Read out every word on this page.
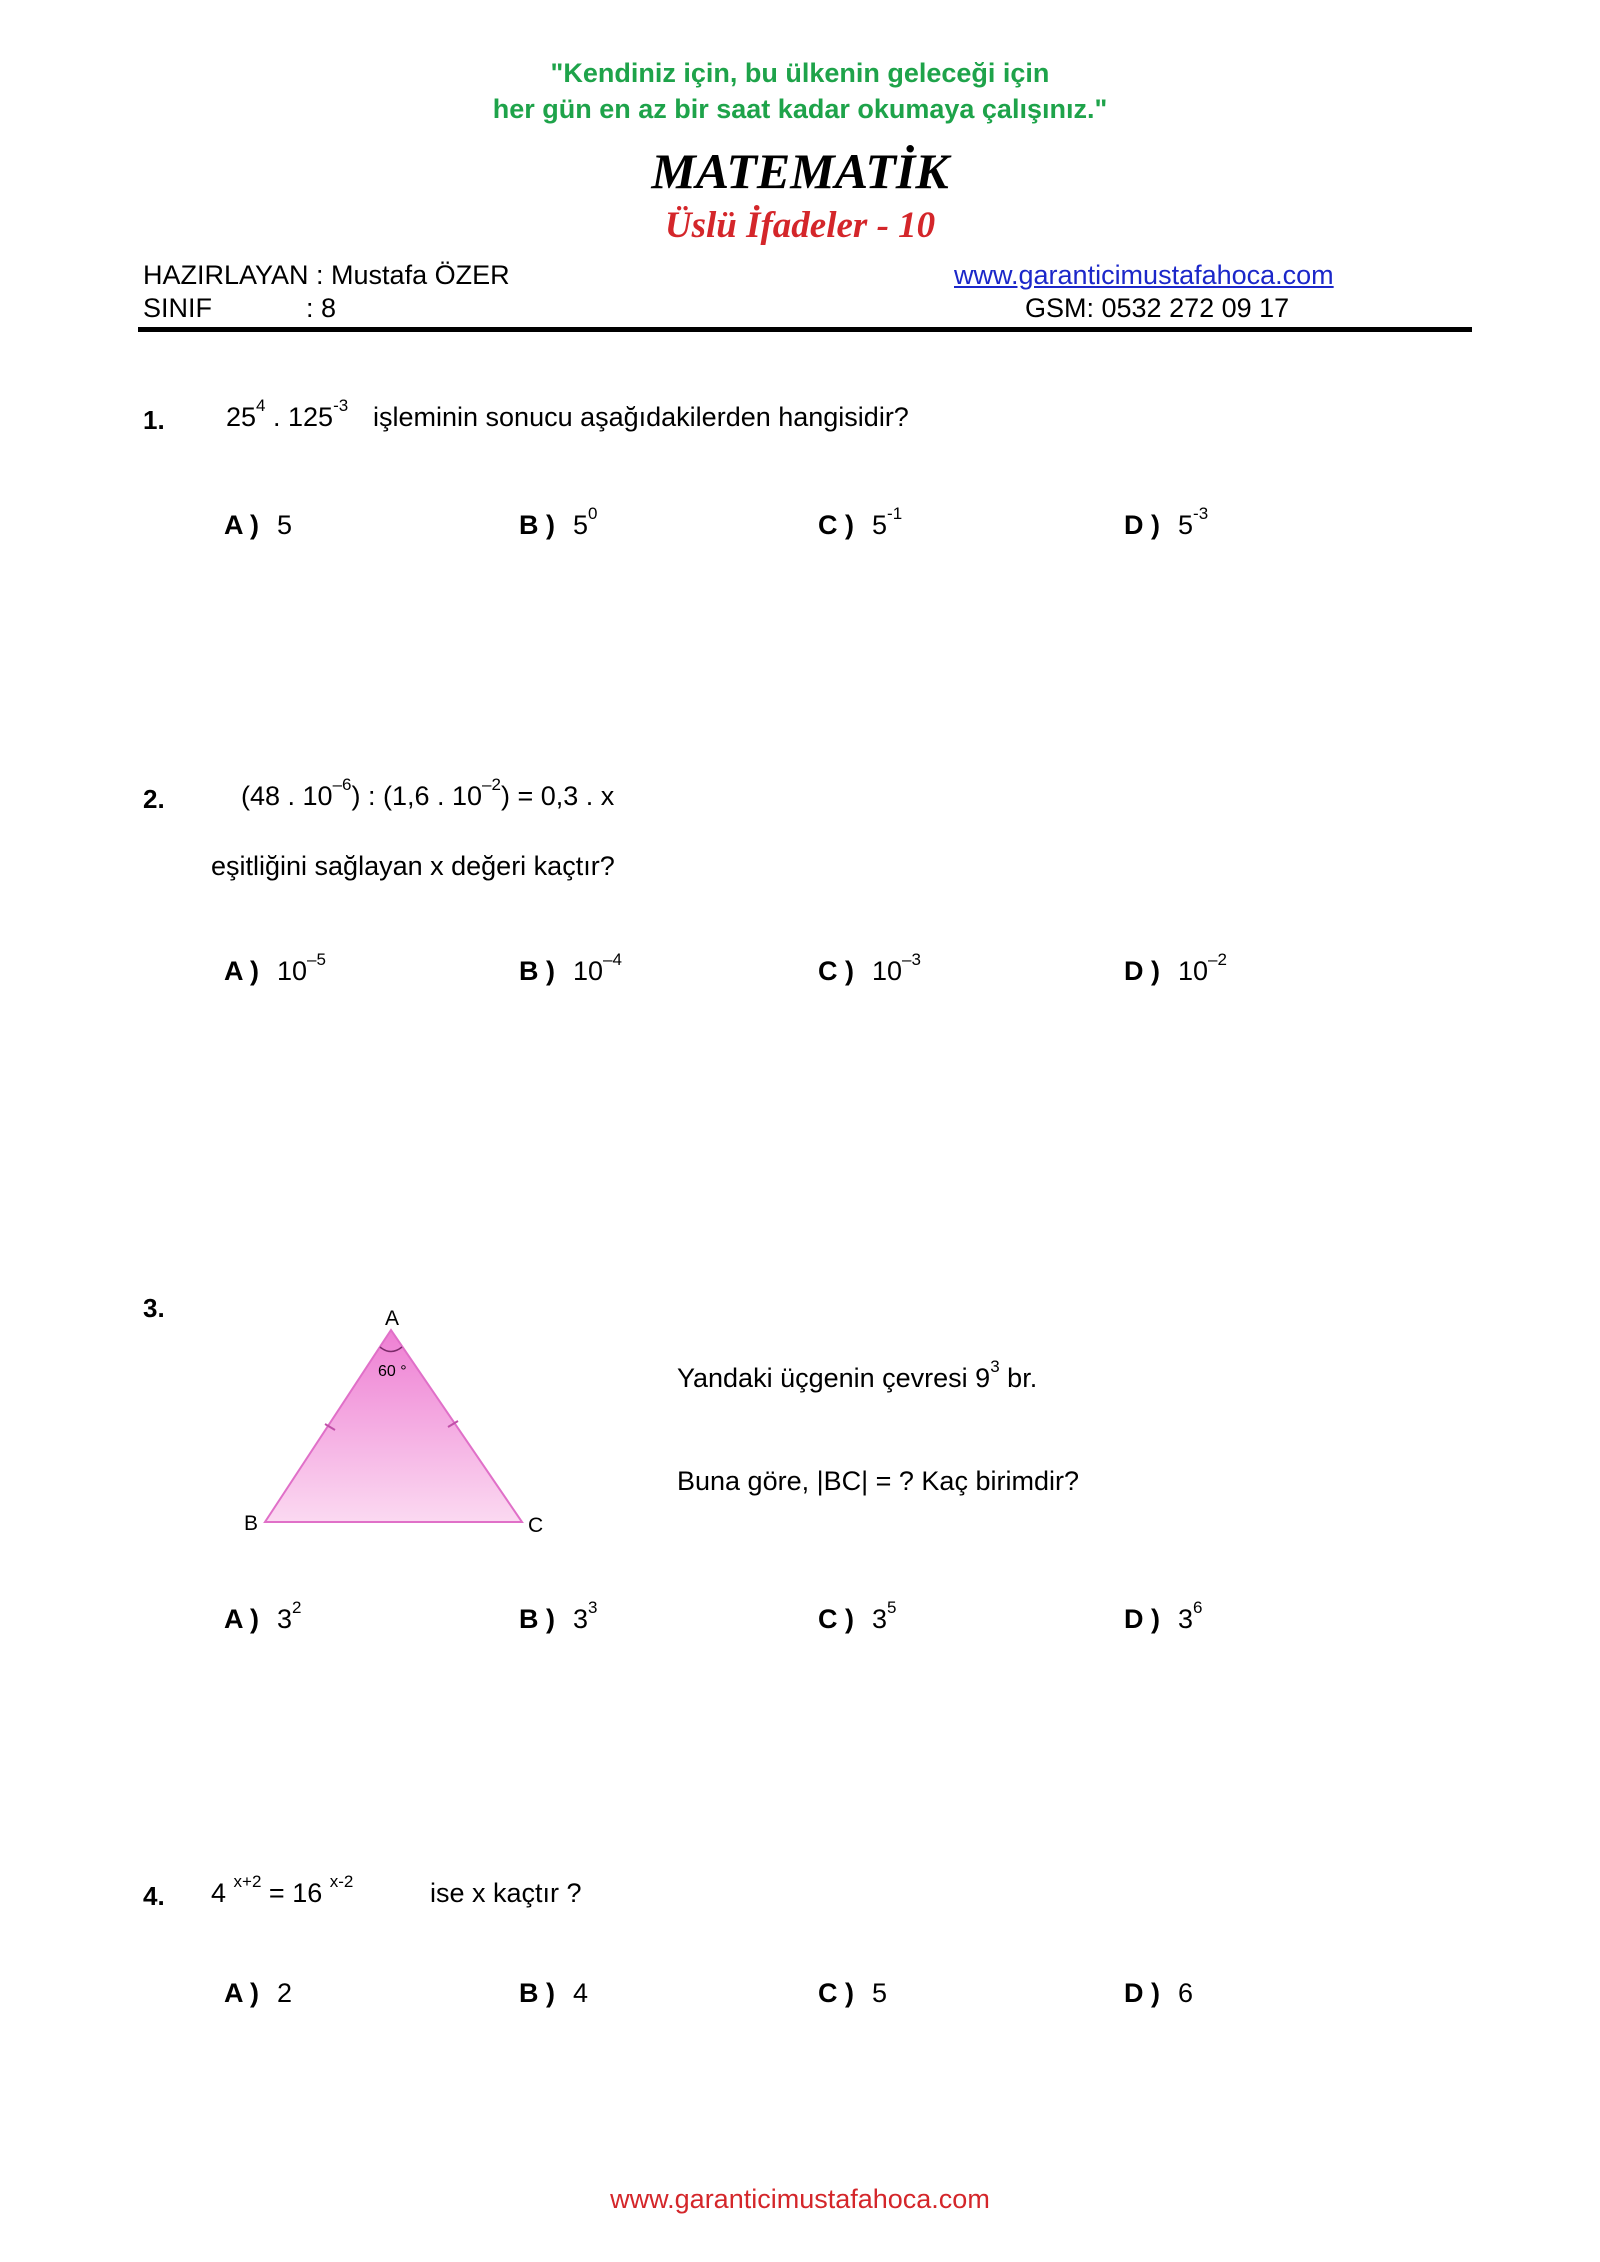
"Kendiniz için, bu ülkenin geleceği için
her gün en az bir saat kadar okumaya çalışınız."
MATEMATİK
Üslü İfadeler - 10
HAZIRLAYAN : Mustafa ÖZER
SINIF	: 8
www.garanticimustafahoca.com
GSM: 0532 272 09 17
1. $25^4$ . $125^{-3}$ işleminin sonucu aşağıdakilerden hangisidir?
A ) 5	B ) $5^0$	C ) $5^{-1}$	D ) $5^{-3}$
2.	(48 . $10^{-6}$) : (1,6 . $10^{-2}) = 0,3$ . x
eşitliğini sağlayan x değeri kaçtır?
A ) $10^{-5}$	B ) $10^{-4}$	C ) $10^{-3}$	D ) $10^{-2}$
3.	A
B	C
60 °	Yandaki üçgenin çevresi $9^3$ br.
Buna göre, |BC| = ? Kaç birimdir?
A ) $3^2$	B ) $3^3$	C ) $3^5$	D ) $3^6$
4. 4 $^{x+2}$ = 16 $^{x-2}$	ise x kaçtır ?
A ) 2	B ) 4	C ) 5	D ) 6
www.garanticimustafahoca.com
